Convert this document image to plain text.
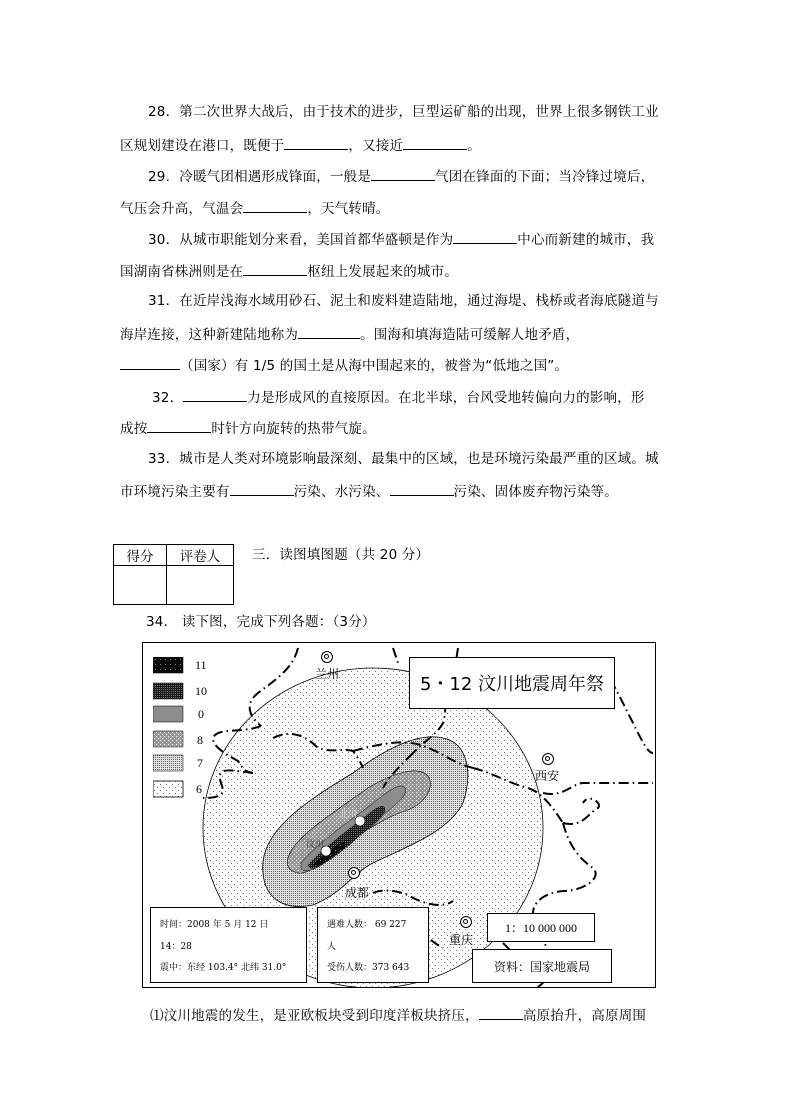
28．第二次世界大战后，由于技术的进步，巨型运矿船的出现，世界上很多钢铁工业
区规划建设在港口，既便于	，又接近	。
29．冷暖气团相遇形成锋面，一般是	气团在锋面的下面；当冷锋过境后，
气压会升高，气温会	，天气转晴。
30．从城市职能划分来看，美国首都华盛顿是作为	中心而新建的城市，我
国湖南省株洲则是在	枢纽上发展起来的城市。
31．在近岸浅海水域用砂石、泥土和废料建造陆地，通过海堤、栈桥或者海底隧道与
海岸连接，这种新建陆地称为	。围海和填海造陆可缓解人地矛盾，
（国家）有 1/5 的国土是从海中围起来的，被誉为“低地之国”。
32．	力是形成风的直接原因。在北半球，台风受地转偏向力的影响，形
成按	时针方向旋转的热带气旋。
33．城市是人类对环境影响最深刻、最集中的区域，也是环境污染最严重的区域。城
市环境污染主要有	污染、水污染、	污染、固体废弃物污染等。
得分	评卷人
	三．读图填图题（共 20 分）
34． 读下图，完成下列各题：（3分）
11
10
0
8
7
6
5・12 汶川地震周年祭
兰州
西安
成都
重庆
北川
汶川
时间：2008 年 5 月 12 日
14：28
震中：东经 103.4° 北纬 31.0°
遇难人数： 69 227
人
受伤人数：373 643
1：10 000 000
资料：国家地震局
⑴汶川地震的发生，是亚欧板块受到印度洋板块挤压，	高原抬升，高原周围
